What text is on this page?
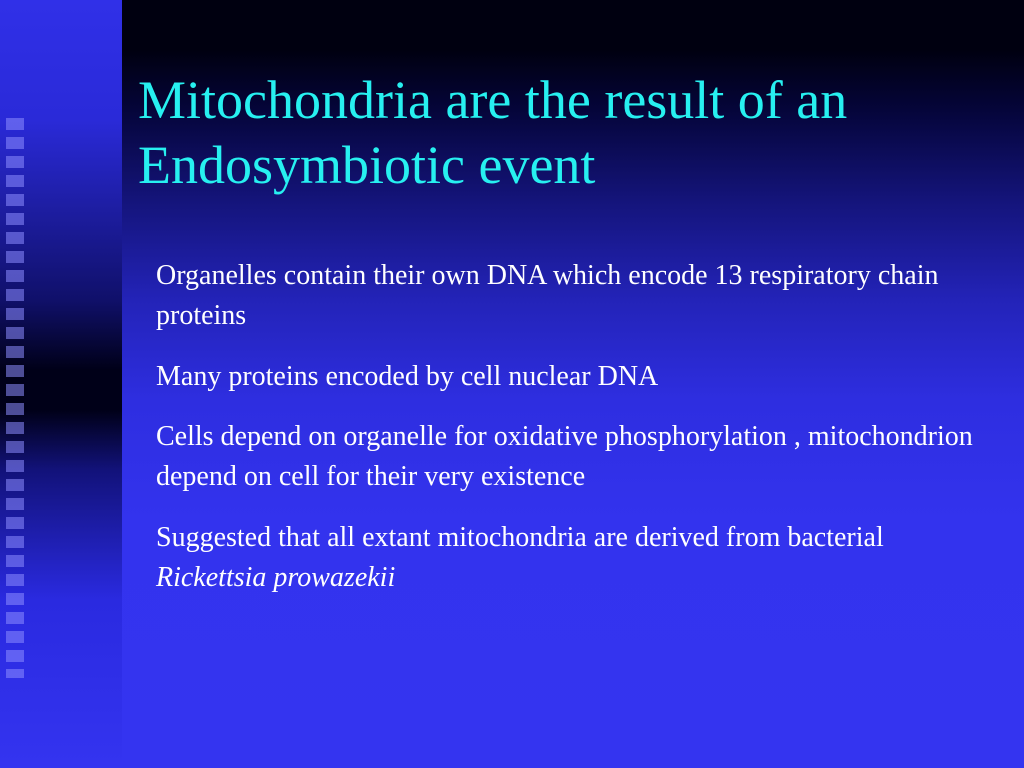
Mitochondria are the result of an Endosymbiotic event
Organelles contain their own DNA which encode 13 respiratory chain proteins
Many proteins encoded by cell nuclear DNA
Cells depend on organelle for oxidative phosphorylation , mitochondrion depend on cell for their very existence
Suggested that all extant mitochondria are derived from bacterial Rickettsia prowazekii
